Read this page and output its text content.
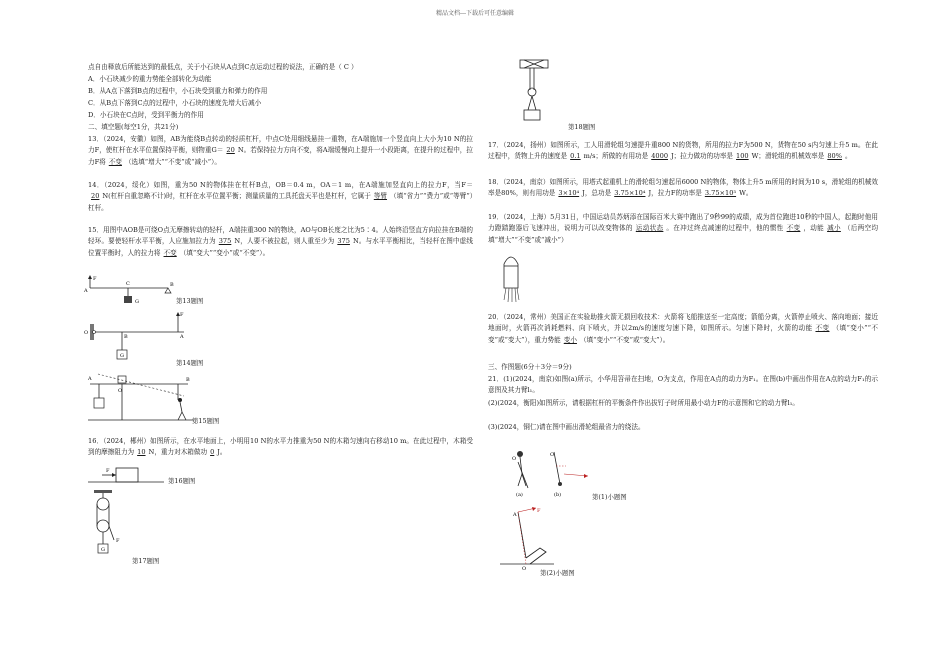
精品文档---下载后可任意编辑

点自由释放后所能达到的最低点，关于小石块从A点到C点运动过程的说法，正确的是（ C ）

A．小石块减少的重力势能全部转化为动能

B．从A点下落到B点的过程中，小石块受到重力和弹力的作用

C．从B点下落到C点的过程中，小石块的速度先增大后减小

D．小石块在C点时，受到平衡力的作用

二、填空题(每空1分，共21分)

13．（2024，安徽）如图，AB为能绕B点转动的轻质杠杆，中点C处用细线悬挂一重物，在A端施加一个竖直向上大小为10 N的拉力F，使杠杆在水平位置保持平衡，则物重G＝ 20 N。若保持拉力方向不变，将A端缓慢向上提升一小段距离，在提升的过程中，拉力F将 不变 （选填“增大”“不变”或“减小”）。

14．（2024，绥化）如图，重为50 N的物体挂在杠杆B点，OB＝0.4 m，OA＝1 m，在A端施加竖直向上的拉力F，当F＝20 N(杠杆自重忽略不计)时，杠杆在水平位置平衡；测量质量的工具托盘天平也是杠杆，它属于 等臂 （填“省力”“费力”或“等臂”）杠杆。

15．用图中AOB是可绕O点无摩擦转动的轻杆，A端挂重300 N的物块，AO与OB长度之比为5∶4。人始终沿竖直方向拉挂在B端的轻环。要使轻杆水平平衡，人应施加拉力为 375 N，人要不被拉起，则人重至少为 375 N。与水平平衡相比，当轻杆在图中虚线位置平衡时，人的拉力将 不变 （填“变大”“变小”或“不变”）。

A
B
C
G
F
第13题图
O
B	A
F
G
第14题图
A
O
B
第15题图

16．（2024，郴州）如图所示，在水平地面上，小明用10 N的水平力推重为50 N的木箱匀速向右移动10 m。在此过程中，木箱受到的摩擦阻力为 10 N，重力对木箱做功 0 J。

F
第16题图
F
G
第17题图
第18题图

17．（2024，扬州）如图所示，工人用滑轮组匀速提升重800 N的货物，所用的拉力F为500 N，货物在50 s内匀速上升5 m。在此过程中，货物上升的速度是 0.1 m/s；所做的有用功是 4000 J；拉力做功的功率是 100 W；滑轮组的机械效率是 80% 。

18．（2024，南京）如图所示，用塔式起重机上的滑轮组匀速起吊6000 N的物体，物体上升5 m所用的时间为10 s，滑轮组的机械效率是80%，则有用功是 3×10⁴ J，总功是 3.75×10⁴ J，拉力F的功率是 3.75×10³ W。

19．（2024，上海）5月31日，中国运动员苏炳添在国际百米大赛中跑出了9秒99的成绩，成为首位跑进10秒的中国人，起跑时他用力蹬踏跑器后飞速冲出，说明力可以改变物体的 运动状态 。在冲过终点减速的过程中，他的惯性 不变 ，动能 减小 （后两空均填“增大”“不变”或“减小”）

20．（2024，常州）美国正在实验助推火箭无损回收技术：火箭将飞船推送至一定高度；箭船分离，火箭停止喷火、落向地面；接近地面时，火箭再次消耗燃料、向下喷火，并以2m/s的速度匀速下降，如图所示。匀速下降时，火箭的动能 不变 （填“变小”“不变”或“变大”），重力势能 变小 （填“变小”“不变”或“变大”）。

三、作图题(6分＋3分＝9分)

21．(1)(2024，南京)如图(a)所示，小华用笤帚在扫地，O为支点，作用在A点的动力为F₁。在图(b)中画出作用在A点的动力F₁的示意图及其力臂l₁。

(2)(2024，衡阳)如图所示，请根据杠杆的平衡条件作出拔钉子时所用最小动力F的示意图和它的动力臂l₁。

(3)(2024，铜仁)请在图中画出滑轮组最省力的绕法。

O
(a)
O
(b)	第(1)小题图
A
F
O 第(2)小题图
